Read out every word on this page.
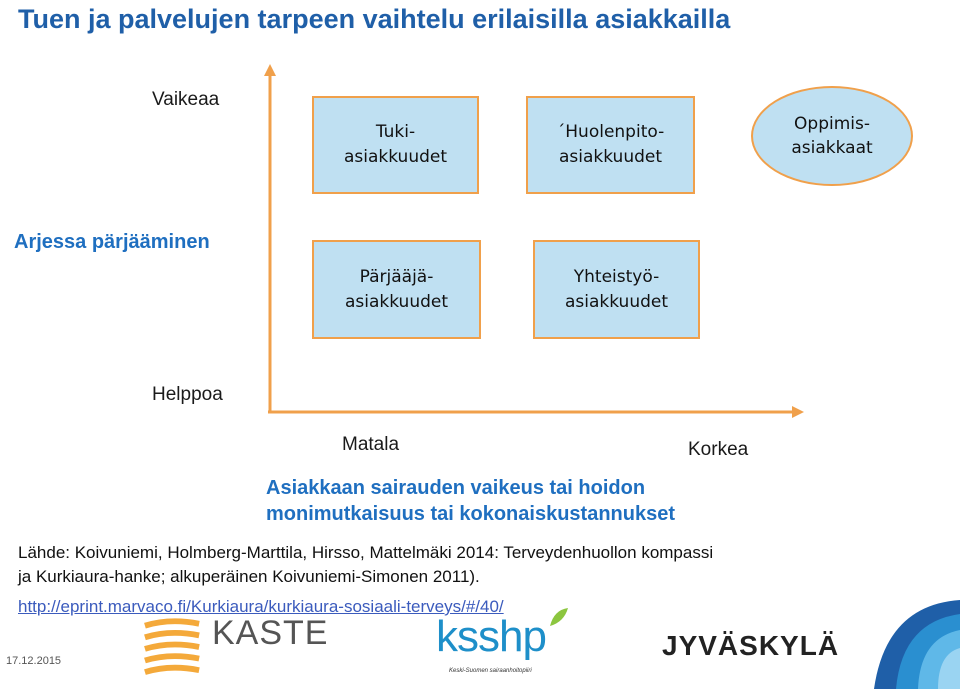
Tuen ja palvelujen tarpeen vaihtelu erilaisilla asiakkailla
Vaikeaa
Arjessa pärjääminen
Helppoa
Matala	Korkea
Asiakkaan sairauden vaikeus tai hoidon
monimutkaisuus tai kokonaiskustannukset
Tuki-
asiakkuudet
´Huolenpito-
asiakkuudet
Oppimis-
asiakkaat
Pärjääjä-
asiakkuudet
Yhteistyö-
asiakkuudet
Lähde: Koivuniemi, Holmberg-Marttila, Hirsso, Mattelmäki 2014: Terveydenhuollon kompassi
ja Kurkiaura-hanke; alkuperäinen Koivuniemi-Simonen 2011).
http://eprint.marvaco.fi/Kurkiaura/kurkiaura-sosiaali-terveys/#/40/
KASTE ksshp
Keski-Suomen sairaanhoitopiiri
JYVÄSKYLÄ
17.12.2015
